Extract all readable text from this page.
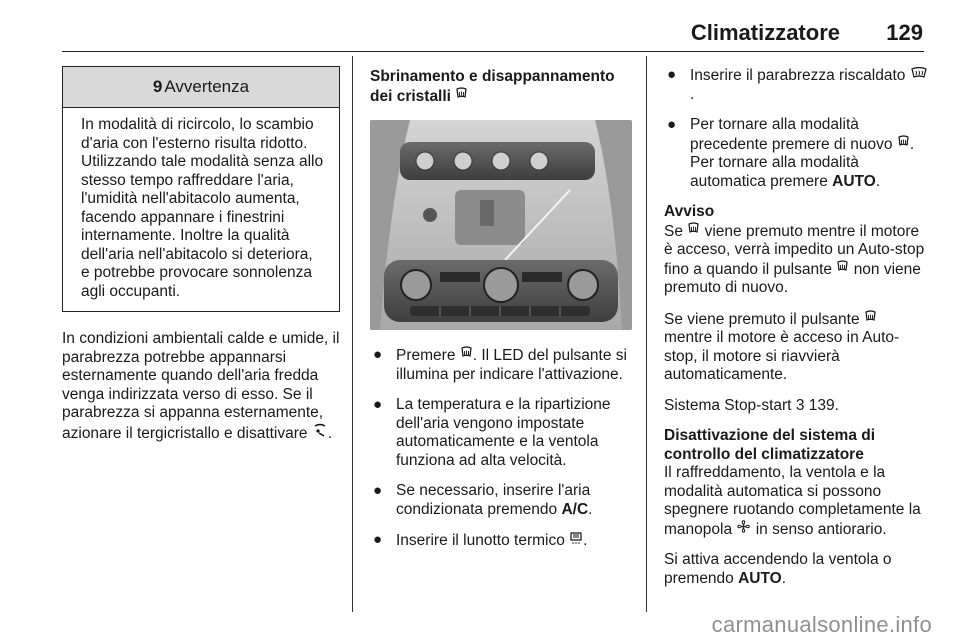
Climatizzatore 129
9 Avvertenza
In modalità di ricircolo, lo scambio d'aria con l'esterno risulta ridotto. Utilizzando tale modalità senza allo stesso tempo raffreddare l'aria, l'umidità nell'abitacolo aumenta, facendo appannare i finestrini internamente. Inoltre la qualità dell'aria nell'abitacolo si deteriora, e potrebbe provocare sonnolenza agli occupanti.

In condizioni ambientali calde e umide, il parabrezza potrebbe appannarsi esternamente quando dell'aria fredda venga indirizzata verso di esso. Se il parabrezza si appanna esternamente, azionare il tergicristallo e disattivare .

Sbrinamento e disappannamento dei cristalli

● Premere . Il LED del pulsante si illumina per indicare l'attivazione.
● La temperatura e la ripartizione dell'aria vengono impostate automaticamente e la ventola funziona ad alta velocità.
● Se necessario, inserire l'aria condizionata premendo A/C.
● Inserire il lunotto termico .
● Inserire il parabrezza riscaldato .
● Per tornare alla modalità precedente premere di nuovo . Per tornare alla modalità automatica premere AUTO.

Avviso

Se viene premuto mentre il motore è acceso, verrà impedito un Auto-stop fino a quando il pulsante non viene premuto di nuovo.

Se viene premuto il pulsante  mentre il motore è acceso in Auto-stop, il motore si riavvierà automaticamente.

Sistema Stop-start 3 139.

Disattivazione del sistema di controllo del climatizzatore

Il raffreddamento, la ventola e la modalità automatica si possono spegnere ruotando completamente la manopola in senso antiorario.

Si attiva accendendo la ventola o premendo AUTO.

carmanualsonline.info
